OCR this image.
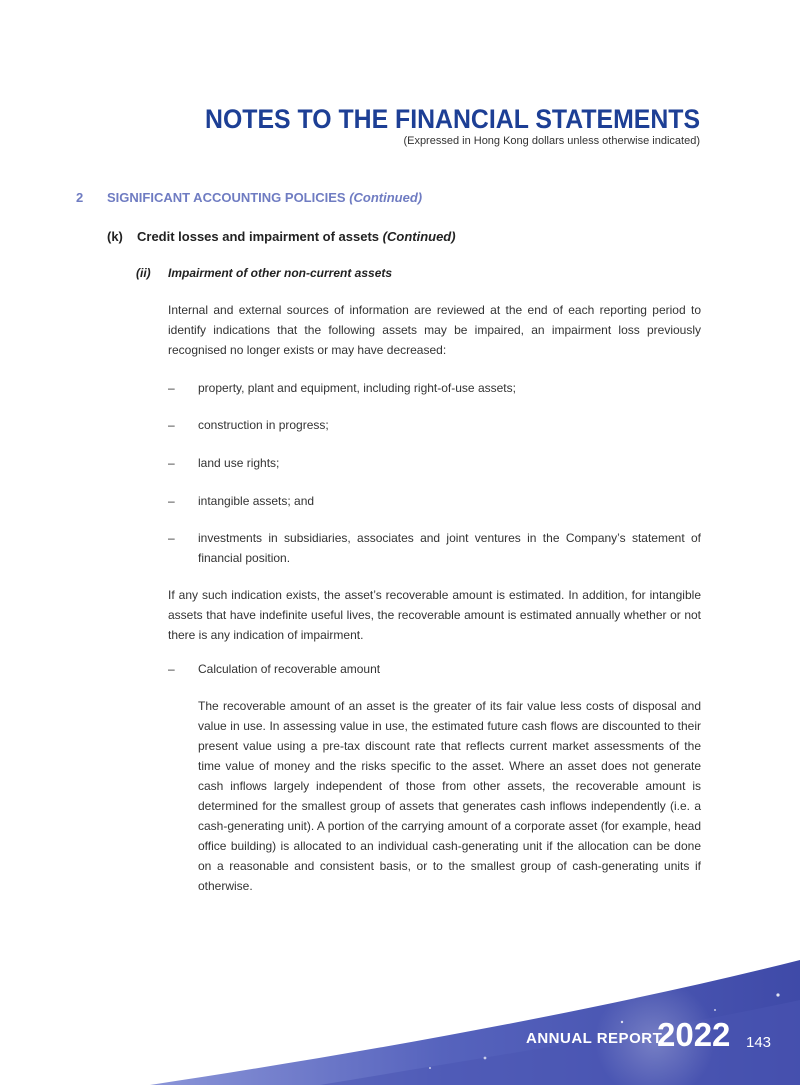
NOTES TO THE FINANCIAL STATEMENTS
(Expressed in Hong Kong dollars unless otherwise indicated)
2 SIGNIFICANT ACCOUNTING POLICIES (Continued)
(k) Credit losses and impairment of assets (Continued)
(ii) Impairment of other non-current assets
Internal and external sources of information are reviewed at the end of each reporting period to identify indications that the following assets may be impaired, an impairment loss previously recognised no longer exists or may have decreased:
– property, plant and equipment, including right-of-use assets;
– construction in progress;
– land use rights;
– intangible assets; and
– investments in subsidiaries, associates and joint ventures in the Company’s statement of financial position.
If any such indication exists, the asset’s recoverable amount is estimated. In addition, for intangible assets that have indefinite useful lives, the recoverable amount is estimated annually whether or not there is any indication of impairment.
– Calculation of recoverable amount
The recoverable amount of an asset is the greater of its fair value less costs of disposal and value in use. In assessing value in use, the estimated future cash flows are discounted to their present value using a pre-tax discount rate that reflects current market assessments of the time value of money and the risks specific to the asset. Where an asset does not generate cash inflows largely independent of those from other assets, the recoverable amount is determined for the smallest group of assets that generates cash inflows independently (i.e. a cash-generating unit). A portion of the carrying amount of a corporate asset (for example, head office building) is allocated to an individual cash-generating unit if the allocation can be done on a reasonable and consistent basis, or to the smallest group of cash-generating units if otherwise.
ANNUAL REPORT
2022 143
